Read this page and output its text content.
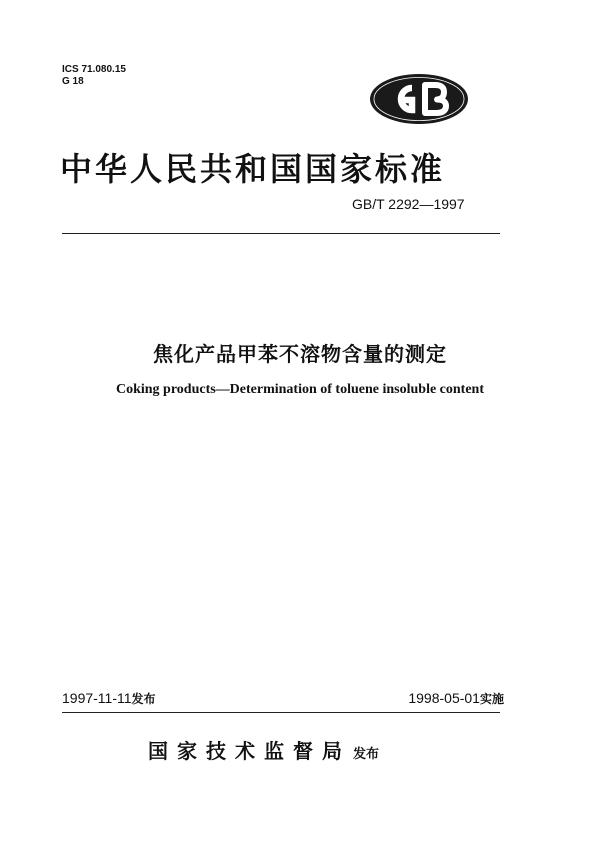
ICS 71.080.15
G 18
中华人民共和国国家标准
GB/T 2292—1997
焦化产品甲苯不溶物含量的测定
Coking products—Determination of toluene insoluble content
1997-11-11发布	1998-05-01实施
国家技术监督局 发布
